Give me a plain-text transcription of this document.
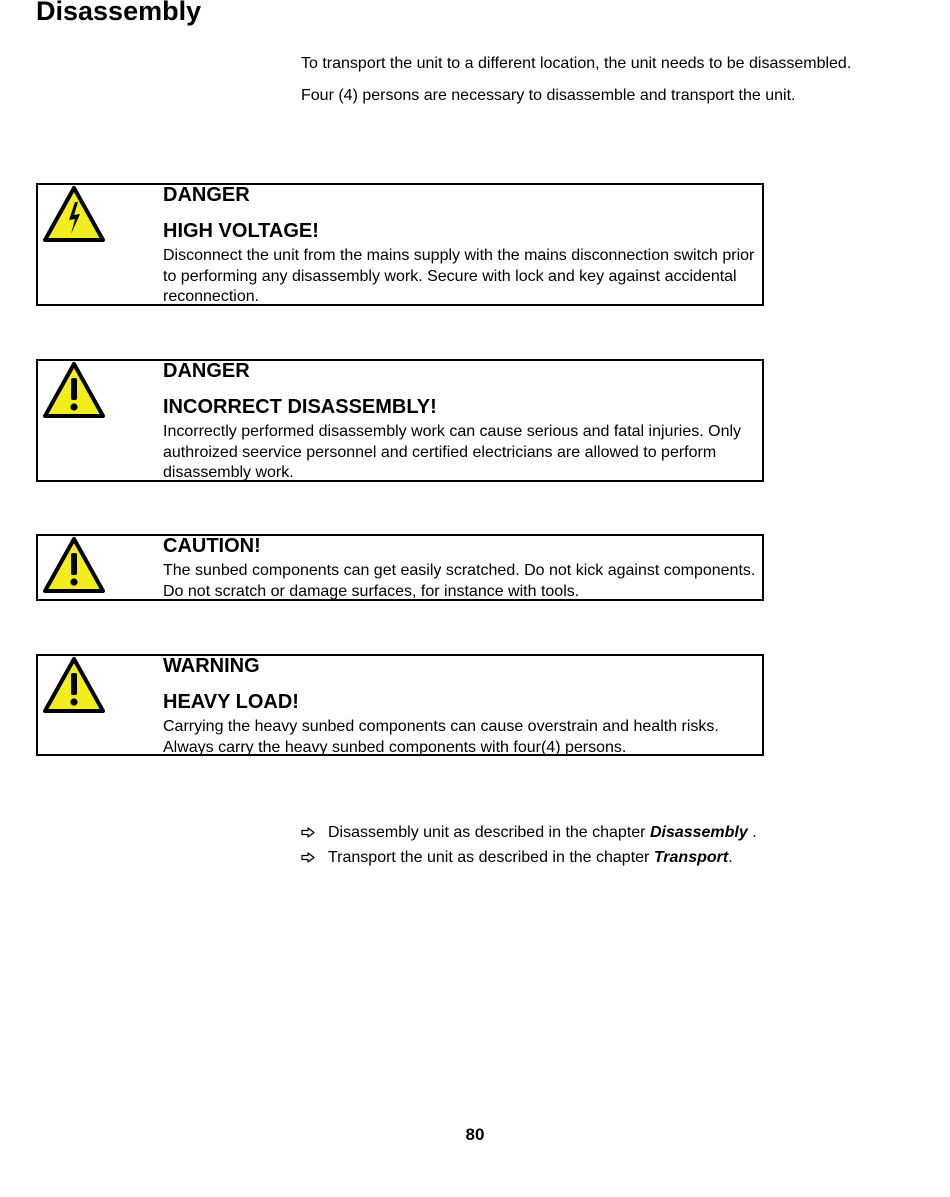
Disassembly

To transport the unit to a different location, the unit needs to be disassembled.

Four (4) persons are necessary to disassemble and transport the unit.

DANGER

HIGH VOLTAGE!

Disconnect the unit from the mains supply with the mains disconnection switch prior to performing any disassembly work. Secure with lock and key against accidental reconnection.

DANGER

INCORRECT DISASSEMBLY!

Incorrectly performed disassembly work can cause serious and fatal injuries. Only authroized seervice personnel and certified electricians are allowed to perform disassembly work.

CAUTION!

The sunbed components can get easily scratched. Do not kick against components. Do not scratch or damage surfaces, for instance with tools.

WARNING

HEAVY LOAD!

Carrying the heavy sunbed components can cause overstrain and health risks. Always carry the heavy sunbed components with four(4) persons.

Disassembly unit as described in the chapter Disassembly .
Transport the unit as described in the chapter Transport.
80
